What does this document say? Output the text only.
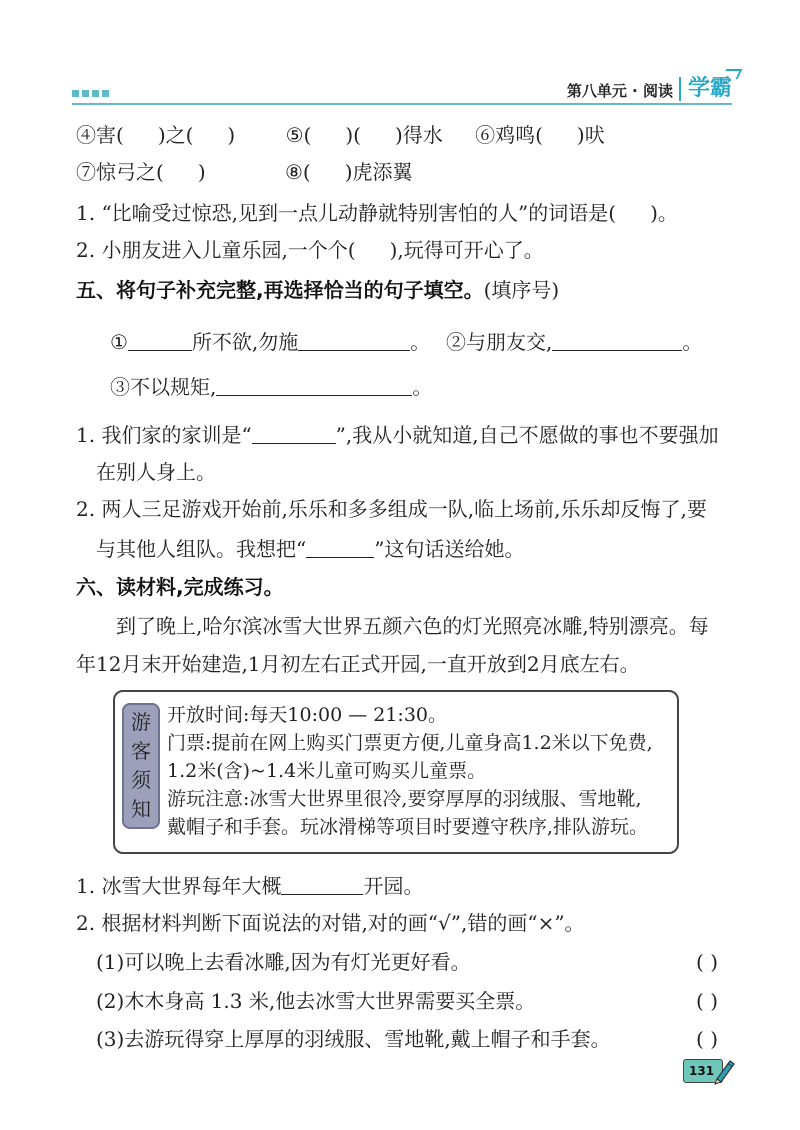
第八单元 · 阅读 学霸
④害( )之( )	⑤( )( )得水 ⑥鸡鸣( )吠
⑦惊弓之( )	⑧( )虎添翼
1. “比喻受过惊恐,见到一点儿动静就特别害怕的人”的词语是( )。
2. 小朋友进入儿童乐园,一个个( ),玩得可开心了。
五、将句子补充完整,再选择恰当的句子填空。(填序号)
①	所不欲,勿施	。 ②与朋友交,	。
③不以规矩,	。
1. 我们家的家训是“	”,我从小就知道,自己不愿做的事也不要强加
在别人身上。
2. 两人三足游戏开始前,乐乐和多多组成一队,临上场前,乐乐却反悔了,要
与其他人组队。我想把“	”这句话送给她。
六、读材料,完成练习。
到了晚上,哈尔滨冰雪大世界五颜六色的灯光照亮冰雕,特别漂亮。每
年12月末开始建造,1月初左右正式开园,一直开放到2月底左右。
游
客
须
知
开放时间:每天10:00 — 21:30。
门票:提前在网上购买门票更方便,儿童身高1.2米以下免费,
1.2米(含)~1.4米儿童可购买儿童票。
游玩注意:冰雪大世界里很冷,要穿厚厚的羽绒服、雪地靴,
戴帽子和手套。玩冰滑梯等项目时要遵守秩序,排队游玩。
1. 冰雪大世界每年大概	开园。
2. 根据材料判断下面说法的对错,对的画“√”,错的画“×”。
(1)可以晚上去看冰雕,因为有灯光更好看。	( )
(2)木木身高 1.3 米,他去冰雪大世界需要买全票。	( )
(3)去游玩得穿上厚厚的羽绒服、雪地靴,戴上帽子和手套。	( )
131
